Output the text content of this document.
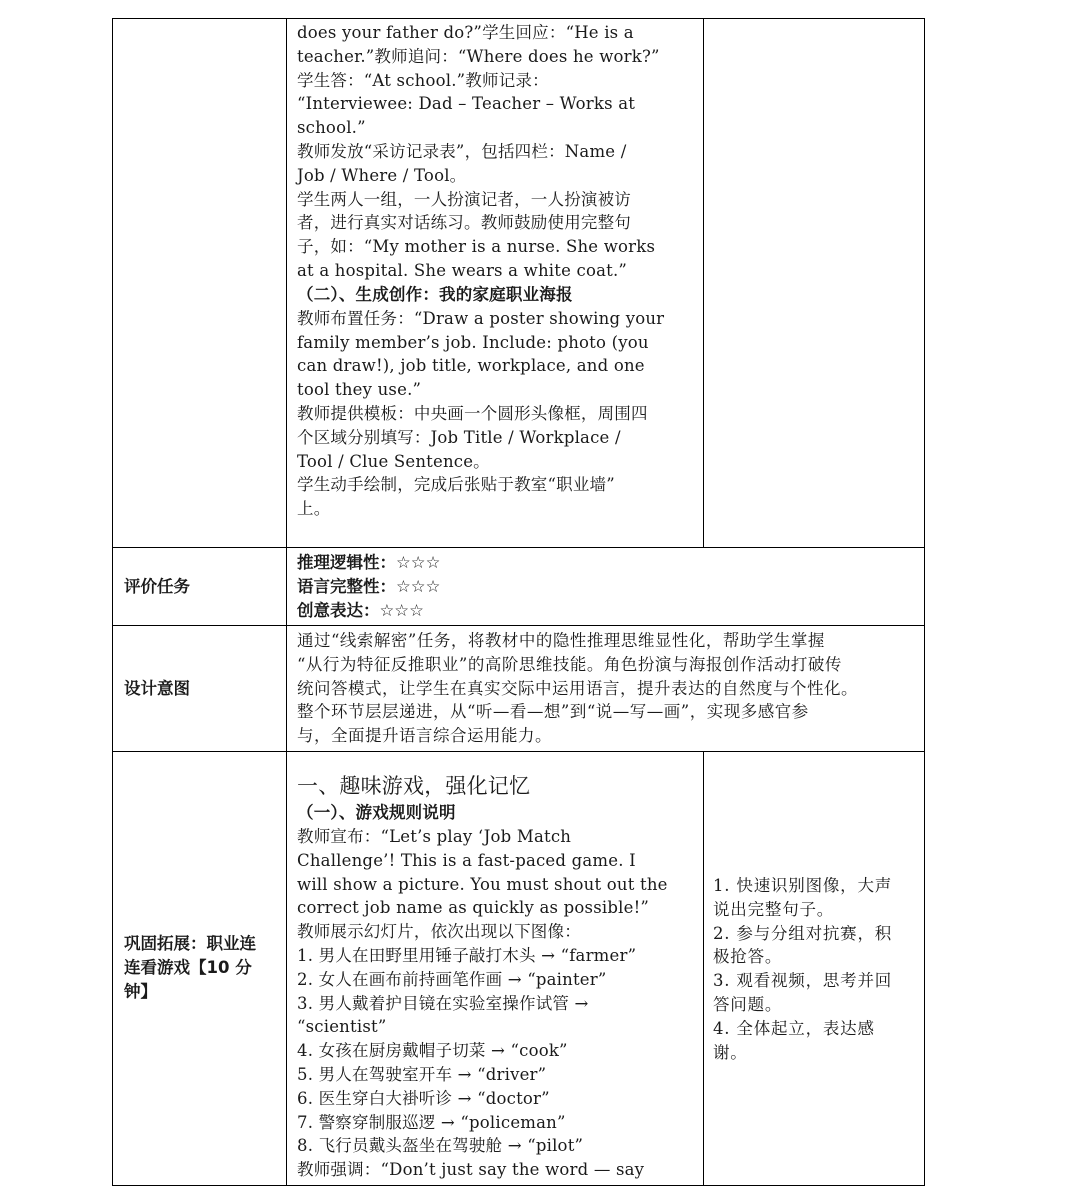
does your father do?”学生回应：“He is a

teacher.”教师追问：“Where does he work?”

学生答：“At school.”教师记录：

“Interviewee: Dad – Teacher – Works at

school.”

教师发放“采访记录表”，包括四栏：Name /

Job / Where / Tool。

学生两人一组，一人扮演记者，一人扮演被访

者，进行真实对话练习。教师鼓励使用完整句

子，如：“My mother is a nurse. She works

at a hospital. She wears a white coat.”

（二）、生成创作：我的家庭职业海报

教师布置任务：“Draw a poster showing your

family member’s job. Include: photo (you

can draw!), job title, workplace, and one

tool they use.”

教师提供模板：中央画一个圆形头像框，周围四

个区域分别填写：Job Title / Workplace /

Tool / Clue Sentence。

学生动手绘制，完成后张贴于教室“职业墙”

上。

评价任务

推理逻辑性：☆☆☆

语言完整性：☆☆☆

创意表达：☆☆☆

设计意图

通过“线索解密”任务，将教材中的隐性推理思维显性化，帮助学生掌握

“从行为特征反推职业”的高阶思维技能。角色扮演与海报创作活动打破传

统问答模式，让学生在真实交际中运用语言，提升表达的自然度与个性化。

整个环节层层递进，从“听—看—想”到“说—写—画”，实现多感官参

与，全面提升语言综合运用能力。

巩固拓展：职业连

连看游戏【10 分

钟】

一、趣味游戏，强化记忆

（一）、游戏规则说明

教师宣布：“Let’s play ‘Job Match

Challenge’! This is a fast-paced game. I

will show a picture. You must shout out the

correct job name as quickly as possible!”

教师展示幻灯片，依次出现以下图像：

1. 男人在田野里用锤子敲打木头 → “farmer”

2. 女人在画布前持画笔作画 → “painter”

3. 男人戴着护目镜在实验室操作试管 →

“scientist”

4. 女孩在厨房戴帽子切菜 → “cook”

5. 男人在驾驶室开车 → “driver”

6. 医生穿白大褂听诊 → “doctor”

7. 警察穿制服巡逻 → “policeman”

8. 飞行员戴头盔坐在驾驶舱 → “pilot”

教师强调：“Don’t just say the word — say

1. 快速识别图像，大声

说出完整句子。

2. 参与分组对抗赛，积

极抢答。

3. 观看视频，思考并回

答问题。

4. 全体起立，表达感

谢。
